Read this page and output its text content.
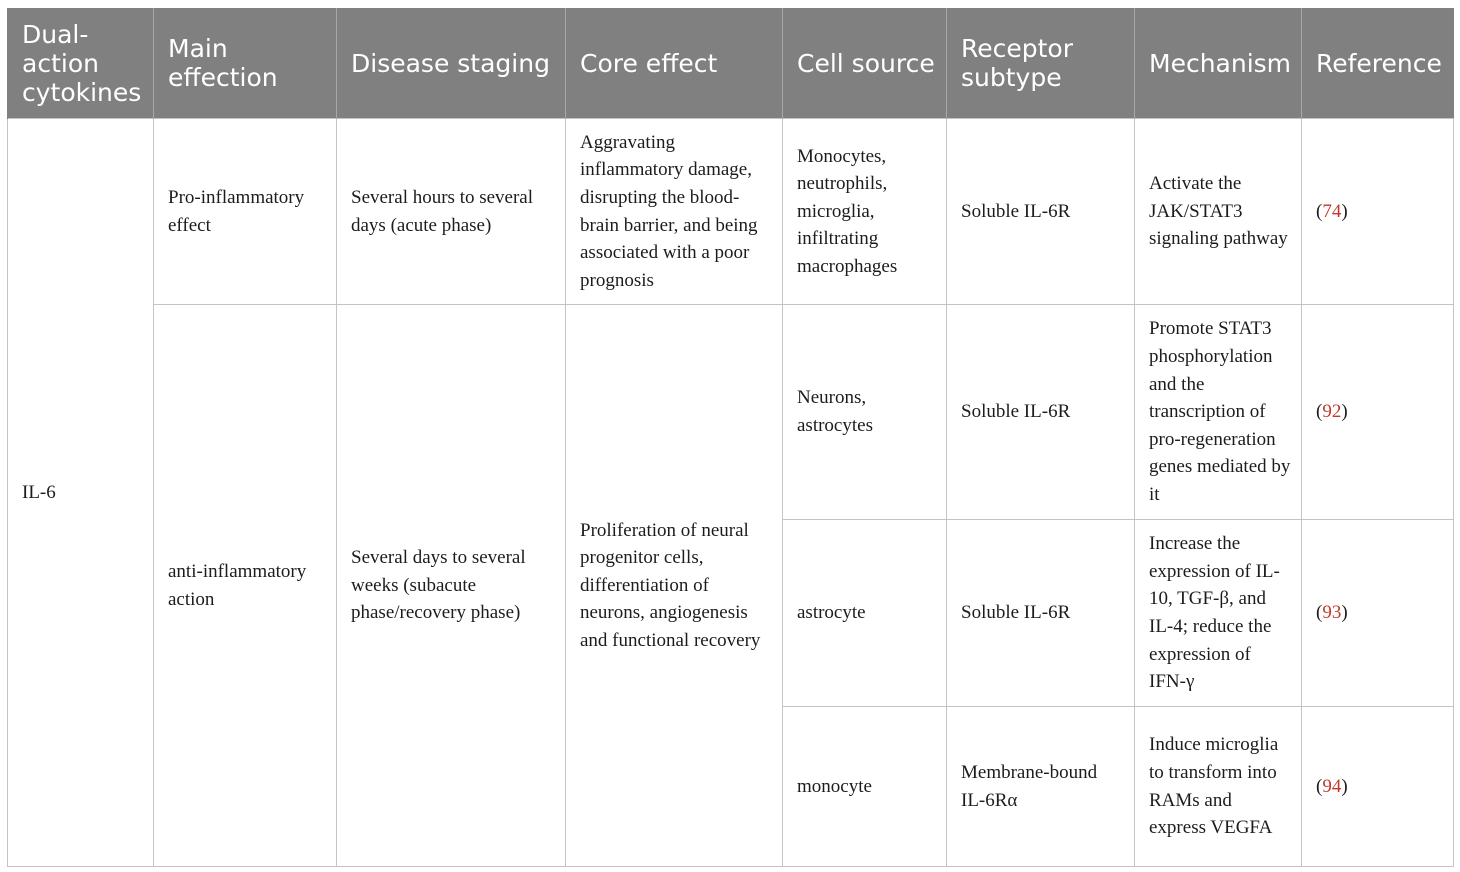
Dual-action cytokines	Main effection	Disease staging	Core effect	Cell source	Receptor subtype	Mechanism	Reference
IL-6	Pro-inflammatory effect	Several hours to several days (acute phase)	Aggravating inflammatory damage, disrupting the blood-brain barrier, and being associated with a poor prognosis	Monocytes, neutrophils, microglia, infiltrating macrophages	Soluble IL-6R	Activate the JAK/STAT3 signaling pathway	(74)
	anti-inflammatory action	Several days to several weeks (subacute phase/recovery phase)	Proliferation of neural progenitor cells, differentiation of neurons, angiogenesis and functional recovery	Neurons, astrocytes	Soluble IL-6R	Promote STAT3 phosphorylation and the transcription of pro-regeneration genes mediated by it	(92)
				astrocyte	Soluble IL-6R	Increase the expression of IL-10, TGF-β, and IL-4; reduce the expression of IFN-γ	(93)
				monocyte	Membrane-bound IL-6Rα	Induce microglia to transform into RAMs and express VEGFA	(94)
